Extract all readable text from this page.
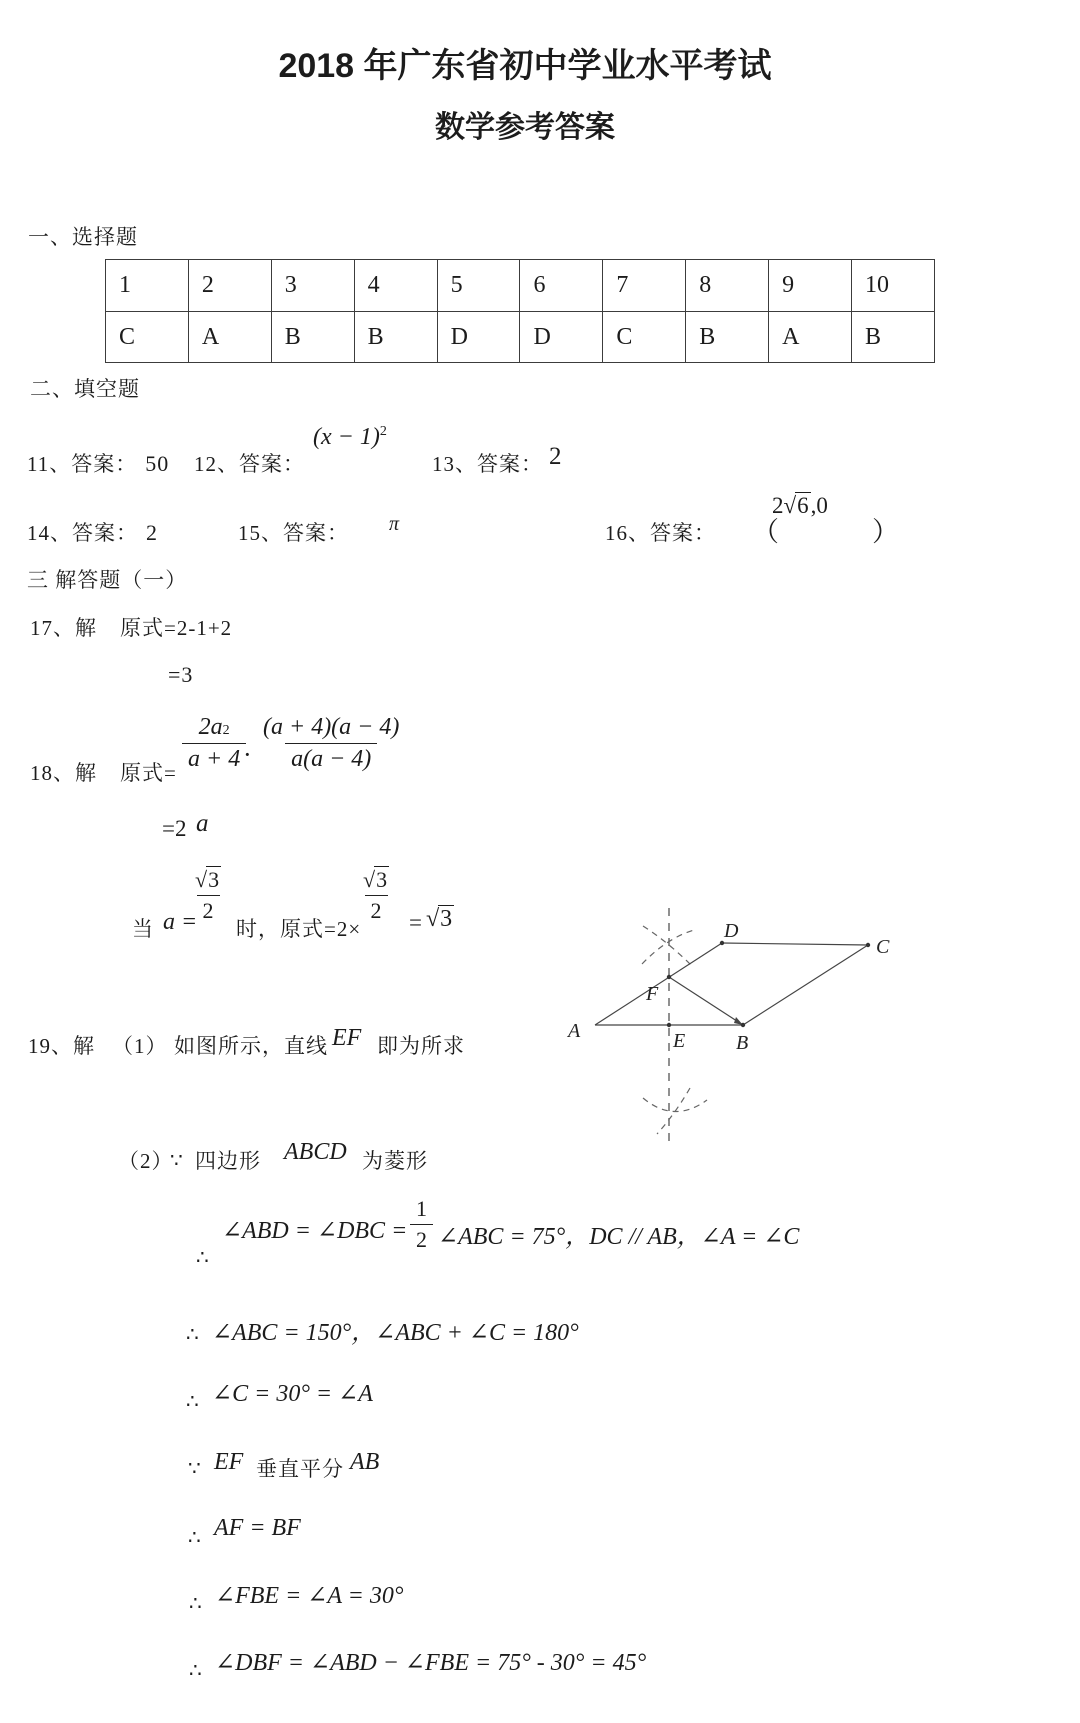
2018 年广东省初中学业水平考试
数学参考答案
一、选择题
1	2	3	4	5	6	7	8	9	10
C	A	B	B	D	D	C	B	A	B
二、填空题
11、答案： 50 12、答案：
$(x - 1)^2$
13、答案： 2
14、答案： 2	15、答案： π	16、答案： （
2√6,0
）
三 解答题（一）
17、解 原式=2-1+2
=3
18、解 原式=
2a 2
$a + 4 \cdot \frac{(a + 4)(a - 4)}{a(a - 4)}$
=2 a
当 a =
√3
2
时，原式=2×
√3
2 = √3
A
B
C
D
E
F
19、解 （1） 如图所示，直线 EF 即为所求
（2）
∵ 四边形 ABCD 为菱形
∴
∠ABD = ∠DBC = $\frac{1}{2}$ ∠ABC = 75°，DC // AB，∠A = ∠C
∴ ∠ABC = 150°，∠ABC + ∠C = 180°
∴ ∠C = 30° = ∠A
∵ EF 垂直平分 AB
∴ AF = BF
∴ ∠FBE = ∠A = 30°
∴ ∠DBF = ∠ABD − ∠FBE = 75° - 30° = 45°
